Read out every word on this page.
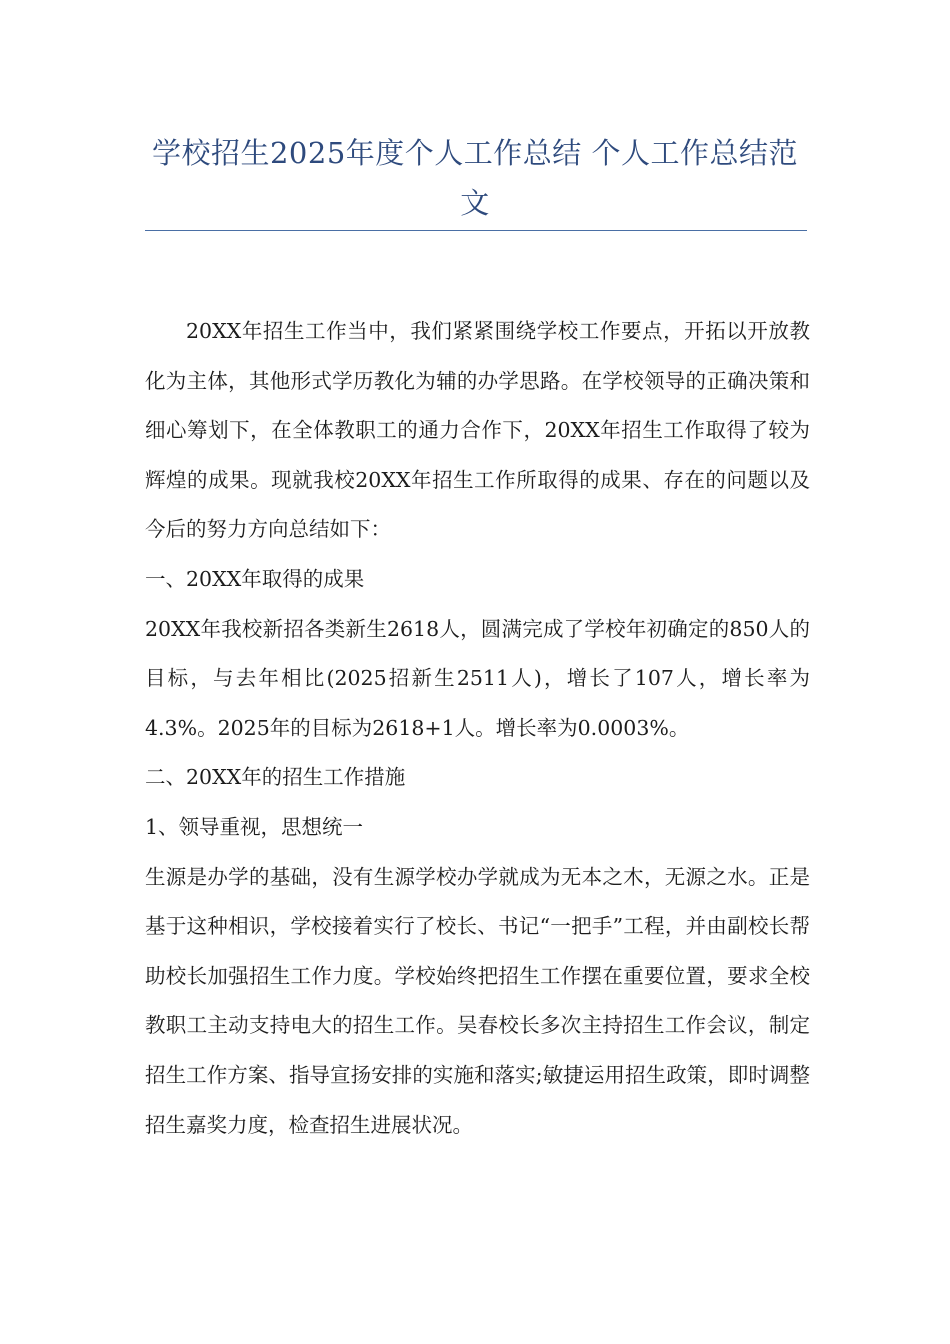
学校招生2025年度个人工作总结 个人工作总结范文

20XX年招生工作当中，我们紧紧围绕学校工作要点，开拓以开放教化为主体，其他形式学历教化为辅的办学思路。在学校领导的正确决策和细心筹划下，在全体教职工的通力合作下，20XX年招生工作取得了较为辉煌的成果。现就我校20XX年招生工作所取得的成果、存在的问题以及今后的努力方向总结如下：

一、20XX年取得的成果

20XX年我校新招各类新生2618人，圆满完成了学校年初确定的850人的目标，与去年相比(2025招新生2511人)，增长了107人，增长率为4.3%。2025年的目标为2618+1人。增长率为0.0003%。

二、20XX年的招生工作措施

1、领导重视，思想统一

生源是办学的基础，没有生源学校办学就成为无本之木，无源之水。正是基于这种相识，学校接着实行了校长、书记“一把手”工程，并由副校长帮助校长加强招生工作力度。学校始终把招生工作摆在重要位置，要求全校教职工主动支持电大的招生工作。吴春校长多次主持招生工作会议，制定招生工作方案、指导宣扬安排的实施和落实;敏捷运用招生政策，即时调整招生嘉奖力度，检查招生进展状况。
